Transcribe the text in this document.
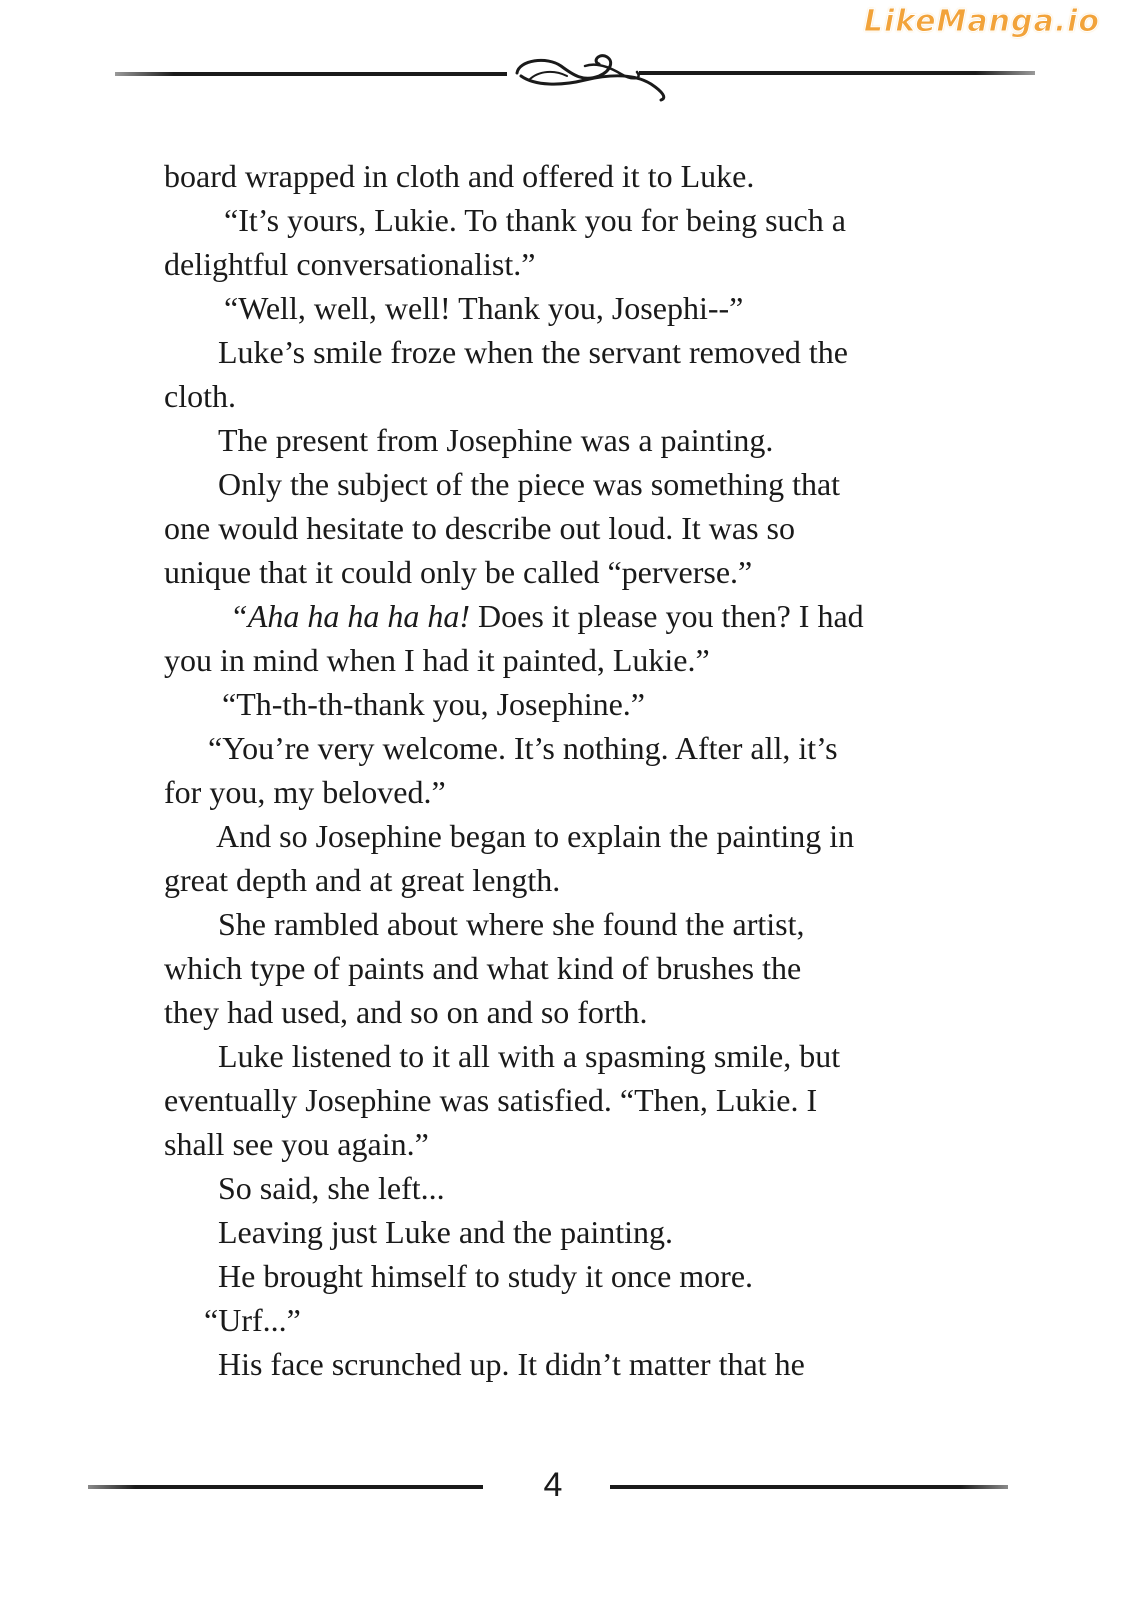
LikeManga.io

board wrapped in cloth and offered it to Luke.

“It’s yours, Lukie. To thank you for being such a

delightful conversationalist.”

“Well, well, well! Thank you, Josephi--”

Luke’s smile froze when the servant removed the

cloth.

The present from Josephine was a painting.

Only the subject of the piece was something that

one would hesitate to describe out loud. It was so

unique that it could only be called “perverse.”

“Aha ha ha ha ha! Does it please you then? I had

you in mind when I had it painted, Lukie.”

“Th-th-th-thank you, Josephine.”

“You’re very welcome. It’s nothing. After all, it’s

for you, my beloved.”

And so Josephine began to explain the painting in

great depth and at great length.

She rambled about where she found the artist,

which type of paints and what kind of brushes the

they had used, and so on and so forth.

Luke listened to it all with a spasming smile, but

eventually Josephine was satisfied. “Then, Lukie. I

shall see you again.”

So said, she left...

Leaving just Luke and the painting.

He brought himself to study it once more.

“Urf...”

His face scrunched up. It didn’t matter that he

4
